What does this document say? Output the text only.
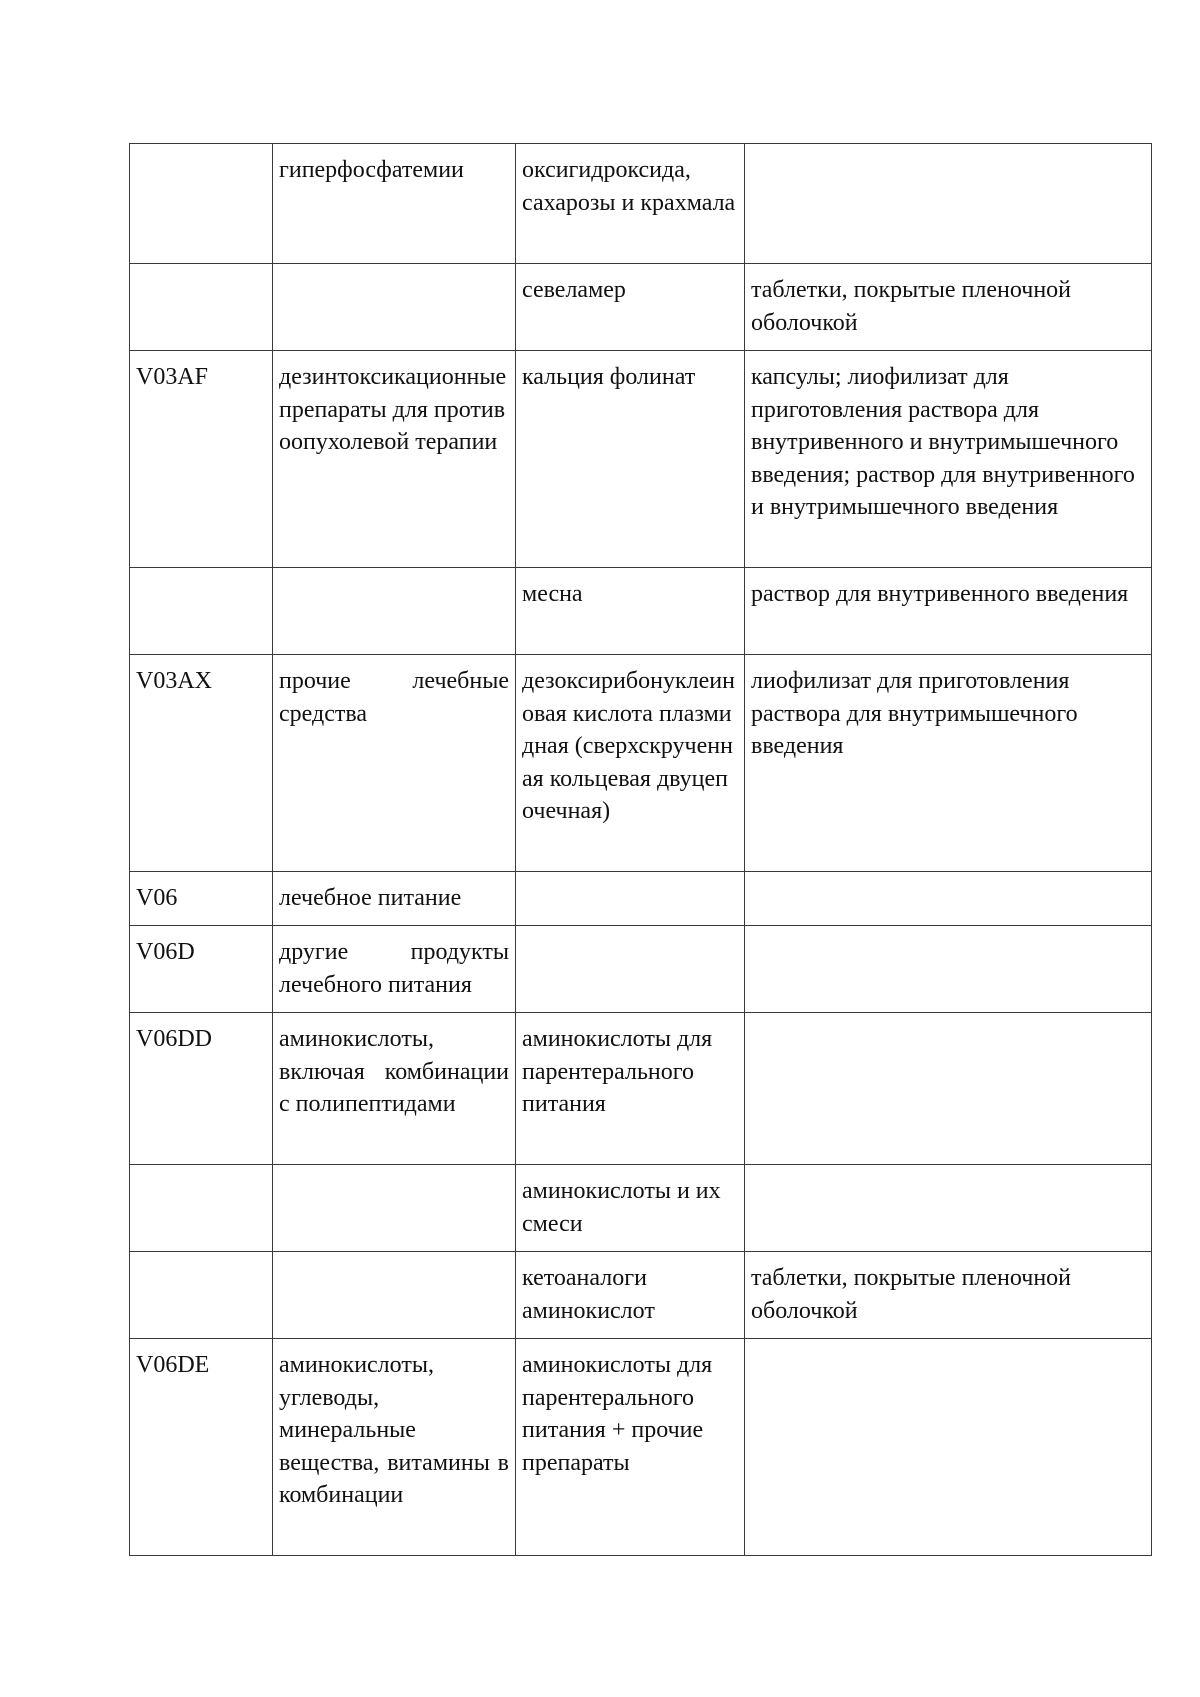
	гиперфосфатемии	оксигидроксида, сахарозы и крахмала	
		севеламер	таблетки, покрытые пленочной оболочкой
V03AF	дезинтоксикационные препараты для противоопухолевой терапии	кальция фолинат	капсулы; лиофилизат для приготовления раствора для внутривенного и внутримышечного введения; раствор для внутривенного и внутримышечного введения
		месна	раствор для внутривенного введения
V03AX	прочие лечебные средства	дезоксирибонуклеиновая кислота плазмидная (сверхскрученная кольцевая двуцепочечная)	лиофилизат для приготовления раствора для внутримышечного введения
V06	лечебное питание		
V06D	другие продукты лечебного питания		
V06DD	аминокислоты, включая комбинации с полипептидами	аминокислоты для парентерального питания	
		аминокислоты и их смеси	
		кетоаналоги аминокислот	таблетки, покрытые пленочной оболочкой
V06DE	аминокислоты, углеводы, минеральные вещества, витамины в комбинации	аминокислоты для парентерального питания + прочие препараты	
